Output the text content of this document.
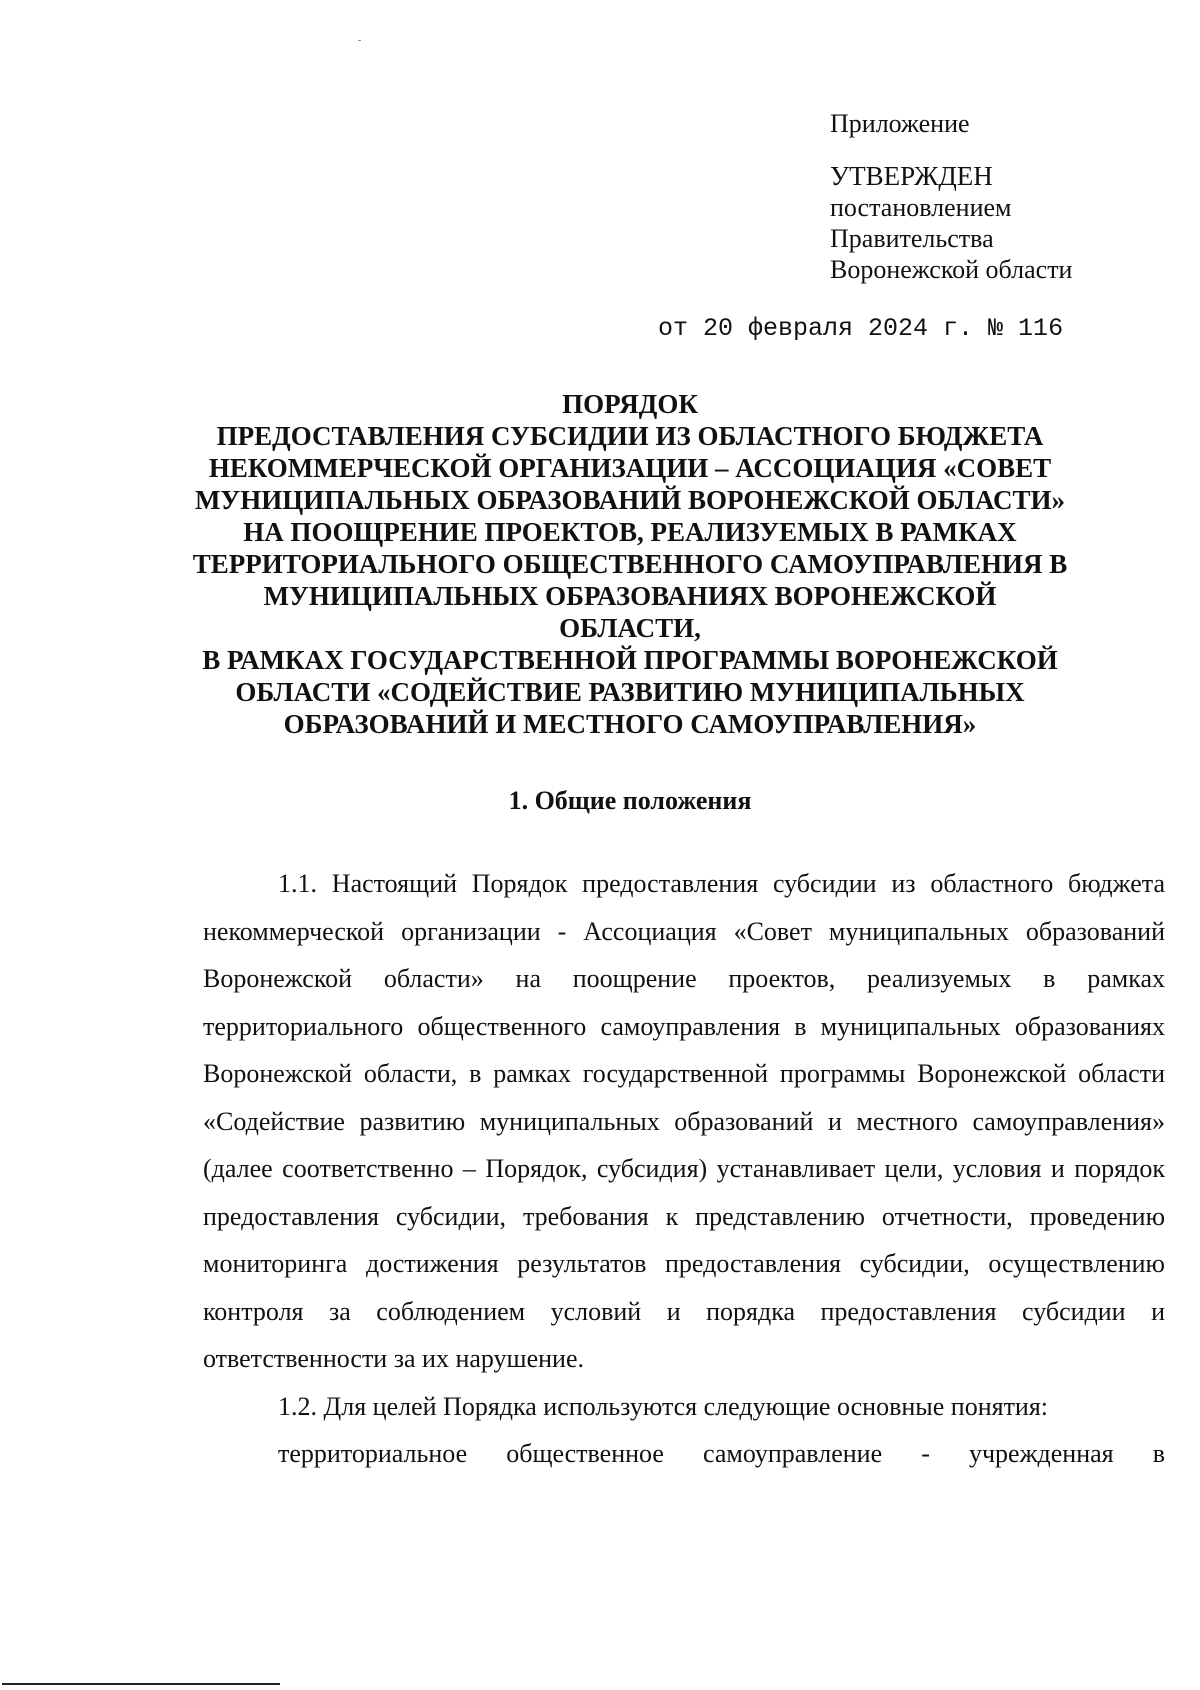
Приложение
УТВЕРЖДЕН
постановлением
Правительства
Воронежской области
от 20 февраля 2024 г. № 116
ПОРЯДОК
ПРЕДОСТАВЛЕНИЯ СУБСИДИИ ИЗ ОБЛАСТНОГО БЮДЖЕТА
НЕКОММЕРЧЕСКОЙ ОРГАНИЗАЦИИ – АССОЦИАЦИЯ «СОВЕТ
МУНИЦИПАЛЬНЫХ ОБРАЗОВАНИЙ ВОРОНЕЖСКОЙ ОБЛАСТИ»
НА ПООЩРЕНИЕ ПРОЕКТОВ, РЕАЛИЗУЕМЫХ В РАМКАХ
ТЕРРИТОРИАЛЬНОГО ОБЩЕСТВЕННОГО САМОУПРАВЛЕНИЯ В
МУНИЦИПАЛЬНЫХ ОБРАЗОВАНИЯХ ВОРОНЕЖСКОЙ ОБЛАСТИ,
В РАМКАХ ГОСУДАРСТВЕННОЙ ПРОГРАММЫ ВОРОНЕЖСКОЙ
ОБЛАСТИ «СОДЕЙСТВИЕ РАЗВИТИЮ МУНИЦИПАЛЬНЫХ
ОБРАЗОВАНИЙ И МЕСТНОГО САМОУПРАВЛЕНИЯ»
1. Общие положения

1.1. Настоящий Порядок предоставления субсидии из областного бюджета некоммерческой организации - Ассоциация «Совет муниципальных образований Воронежской области» на поощрение проектов, реализуемых в рамках территориального общественного самоуправления в муниципальных образованиях Воронежской области, в рамках государственной программы Воронежской области «Содействие развитию муниципальных образований и местного самоуправления» (далее соответственно – Порядок, субсидия) устанавливает цели, условия и порядок предоставления субсидии, требования к представлению отчетности, проведению мониторинга достижения результатов предоставления субсидии, осуществлению контроля за соблюдением условий и порядка предоставления субсидии и ответственности за их нарушение.

1.2. Для целей Порядка используются следующие основные понятия:

территориальное общественное самоуправление - учрежденная в
